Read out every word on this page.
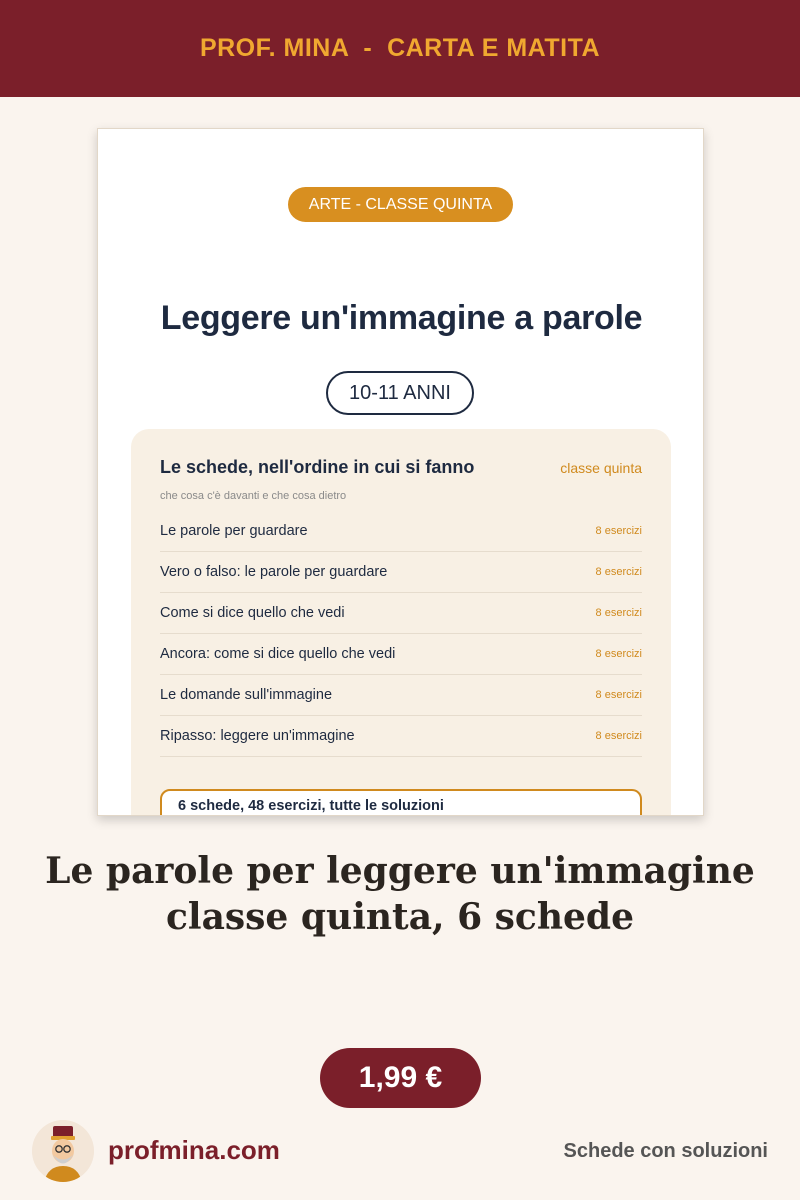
PROF. MINA  -  CARTA E MATITA
ARTE - CLASSE QUINTA
Leggere un'immagine a parole
10-11 ANNI
Le schede, nell'ordine in cui si fanno	classe quinta
che cosa c'è davanti e che cosa dietro
Le parole per guardare	8 esercizi
Vero o falso: le parole per guardare	8 esercizi
Come si dice quello che vedi	8 esercizi
Ancora: come si dice quello che vedi	8 esercizi
Le domande sull'immagine	8 esercizi
Ripasso: leggere un'immagine	8 esercizi
6 schede, 48 esercizi, tutte le soluzioni
Le parole per leggere un'immagine
classe quinta, 6 schede
1,99 €
profmina.com	Schede con soluzioni
